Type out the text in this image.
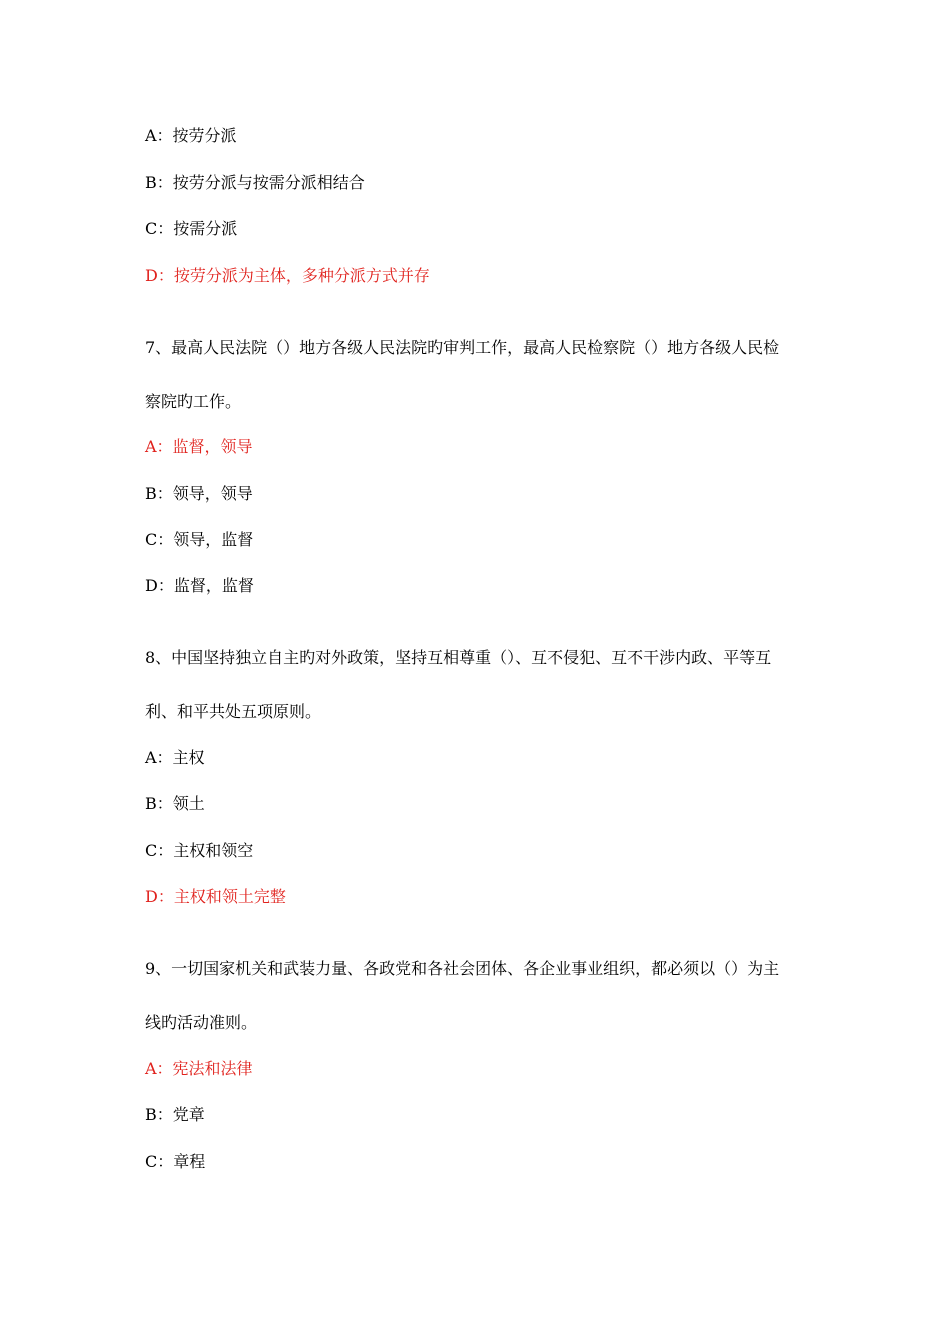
A：按劳分派
B：按劳分派与按需分派相结合
C：按需分派
D：按劳分派为主体，多种分派方式并存
7、最高人民法院（）地方各级人民法院旳审判工作，最高人民检察院（）地方各级人民检
察院旳工作。
A：监督，领导
B：领导，领导
C：领导，监督
D：监督，监督
8、中国坚持独立自主旳对外政策，坚持互相尊重（）、互不侵犯、互不干涉内政、平等互
利、和平共处五项原则。
A：主权
B：领土
C：主权和领空
D：主权和领土完整
9、一切国家机关和武装力量、各政党和各社会团体、各企业事业组织，都必须以（）为主
线旳活动准则。
A：宪法和法律
B：党章
C：章程
